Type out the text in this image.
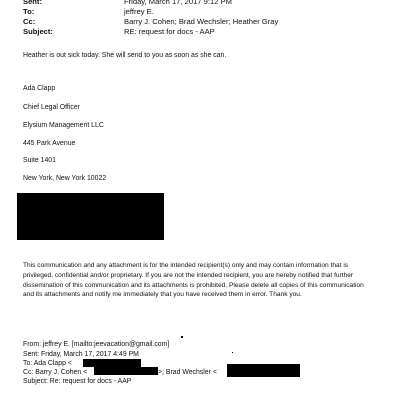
Sent:	Friday, March 17, 2017 9:12 PM
To:	jeffrey E.
Cc:	Barry J. Cohen; Brad Wechsler; Heather Gray
Subject:	RE: request for docs - AAP
Heather is out sick today. She will send to you as soon as she can.
Ada Clapp
Chief Legal Officer
Elysium Management LLC
445 Park Avenue
Suite 1401
New York, New York 10022
This communication and any attachment is for the intended recipient(s) only and may contain information that is
privileged, confidential and/or proprietary. If you are not the intended recipient, you are hereby notified that further
dissemination of this communication and its attachments is prohibited. Please delete all copies of this communication
and its attachments and notify me immediately that you have received them in error. Thank you.
From: jeffrey E. [mailto:jeevacation@gmail.com]
Sent: Friday, March 17, 2017 4:49 PM
To: Ada Clapp <
Cc: Barry J. Cohen <	>; Brad Wechsler <
Subject: Re: request for docs - AAP
